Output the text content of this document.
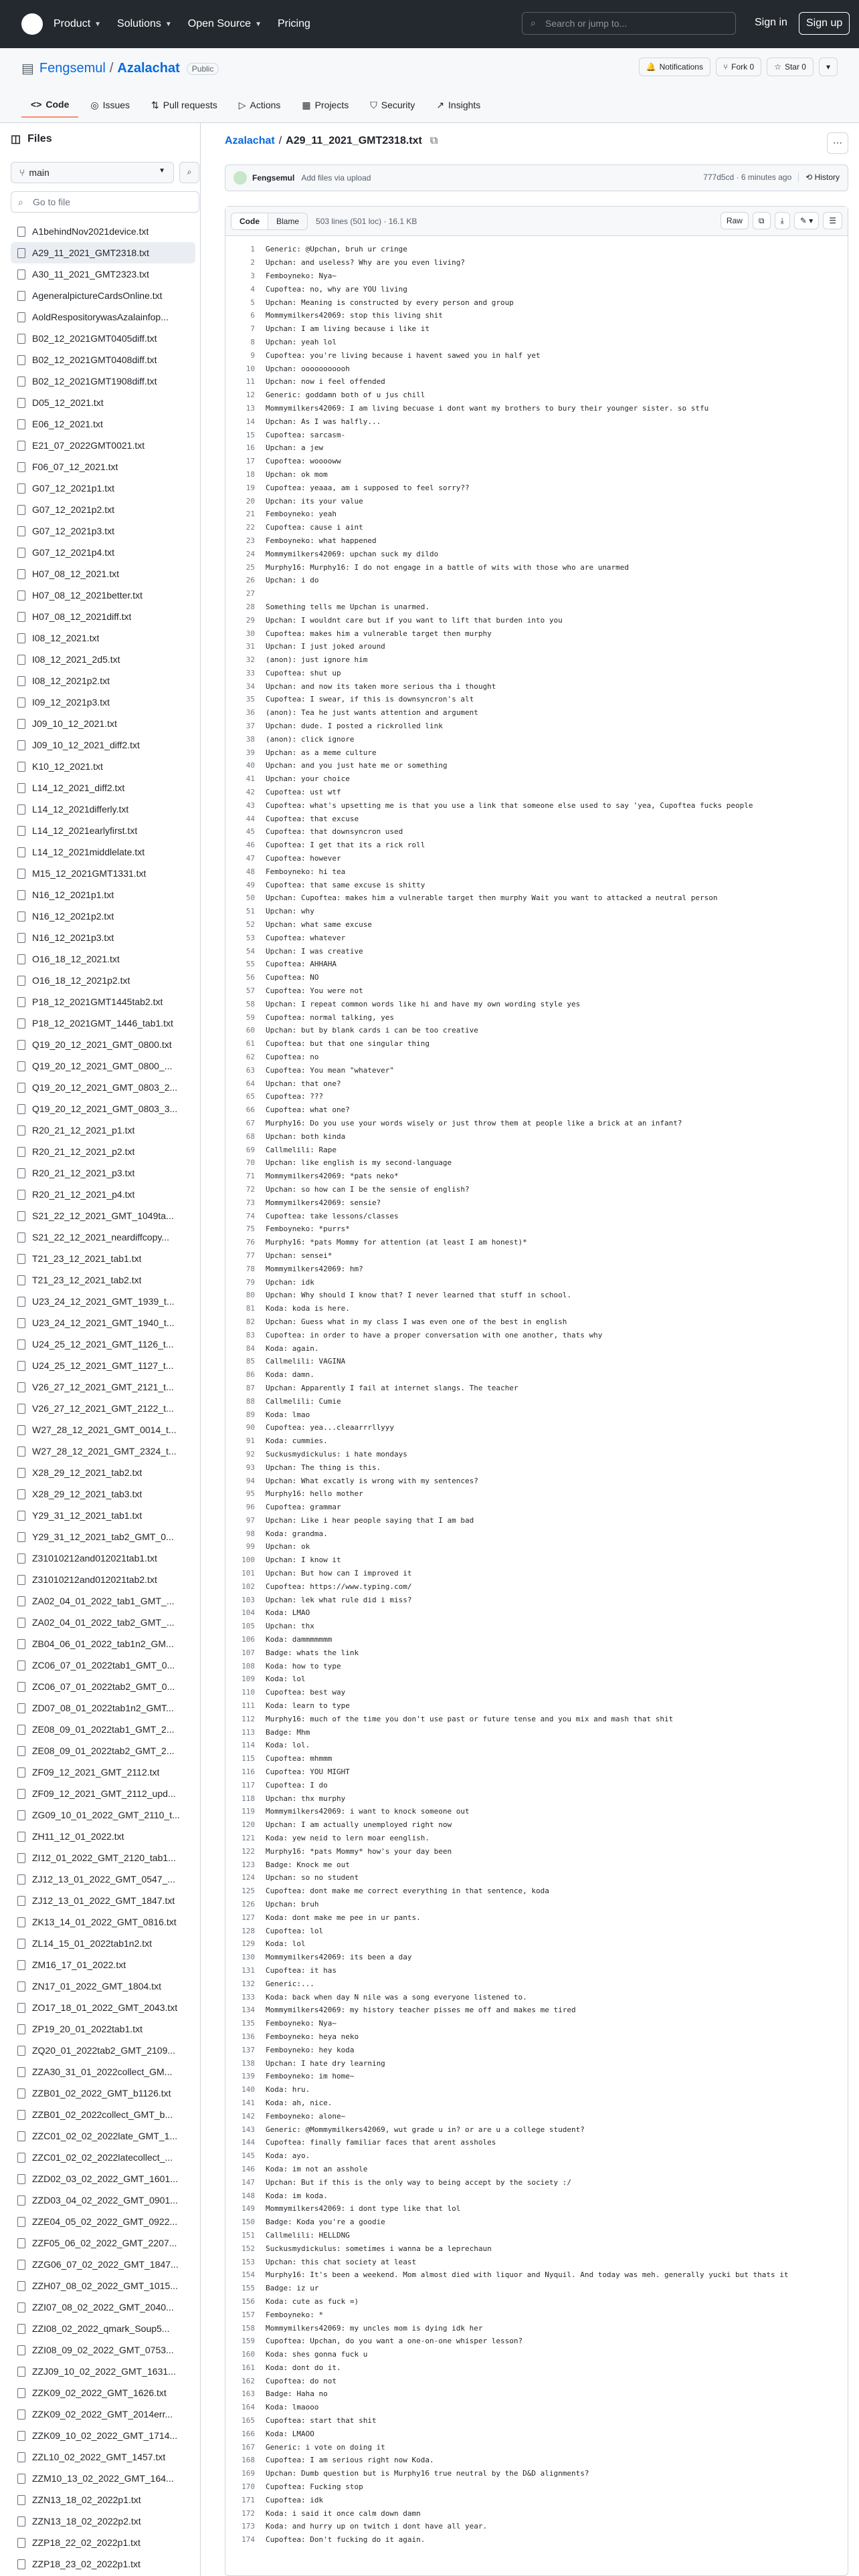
Product ▼ Solutions ▼ Open Source ▼ Pricing	⌕ Search or jump to...	Sign in	Sign up
▤ Fengsemul / Azalachat	Public	🔔 Notifications	⑂ Fork 0	☆ Star 0	▾
<> Code ◎ Issues ⇅ Pull requests ▷ Actions ▦ Projects ⛉ Security ↗ Insights
◫ Files
⑂ main	▼	⌕
⌕ Go to file
A1behindNov2021device.txt
A29_11_2021_GMT2318.txt
A30_11_2021_GMT2323.txt
AgeneralpictureCardsOnline.txt
AoldRespositorywasAzalainfop...
B02_12_2021GMT0405diff.txt
B02_12_2021GMT0408diff.txt
B02_12_2021GMT1908diff.txt
D05_12_2021.txt
E06_12_2021.txt
E21_07_2022GMT0021.txt
F06_07_12_2021.txt
G07_12_2021p1.txt
G07_12_2021p2.txt
G07_12_2021p3.txt
G07_12_2021p4.txt
H07_08_12_2021.txt
H07_08_12_2021better.txt
H07_08_12_2021diff.txt
I08_12_2021.txt
I08_12_2021_2d5.txt
I08_12_2021p2.txt
I09_12_2021p3.txt
J09_10_12_2021.txt
J09_10_12_2021_diff2.txt
K10_12_2021.txt
L14_12_2021_diff2.txt
L14_12_2021differly.txt
L14_12_2021earlyfirst.txt
L14_12_2021middlelate.txt
M15_12_2021GMT1331.txt
N16_12_2021p1.txt
N16_12_2021p2.txt
N16_12_2021p3.txt
O16_18_12_2021.txt
O16_18_12_2021p2.txt
P18_12_2021GMT1445tab2.txt
P18_12_2021GMT_1446_tab1.txt
Q19_20_12_2021_GMT_0800.txt
Q19_20_12_2021_GMT_0800_...
Q19_20_12_2021_GMT_0803_2...
Q19_20_12_2021_GMT_0803_3...
R20_21_12_2021_p1.txt
R20_21_12_2021_p2.txt
R20_21_12_2021_p3.txt
R20_21_12_2021_p4.txt
S21_22_12_2021_GMT_1049ta...
S21_22_12_2021_neardiffcopy...
T21_23_12_2021_tab1.txt
T21_23_12_2021_tab2.txt
U23_24_12_2021_GMT_1939_t...
U23_24_12_2021_GMT_1940_t...
U24_25_12_2021_GMT_1126_t...
U24_25_12_2021_GMT_1127_t...
V26_27_12_2021_GMT_2121_t...
V26_27_12_2021_GMT_2122_t...
W27_28_12_2021_GMT_0014_t...
W27_28_12_2021_GMT_2324_t...
X28_29_12_2021_tab2.txt
X28_29_12_2021_tab3.txt
Y29_31_12_2021_tab1.txt
Y29_31_12_2021_tab2_GMT_0...
Z31010212and012021tab1.txt
Z31010212and012021tab2.txt
ZA02_04_01_2022_tab1_GMT_...
ZA02_04_01_2022_tab2_GMT_...
ZB04_06_01_2022_tab1n2_GM...
ZC06_07_01_2022tab1_GMT_0...
ZC06_07_01_2022tab2_GMT_0...
ZD07_08_01_2022tab1n2_GMT...
ZE08_09_01_2022tab1_GMT_2...
ZE08_09_01_2022tab2_GMT_2...
ZF09_12_2021_GMT_2112.txt
ZF09_12_2021_GMT_2112_upd...
ZG09_10_01_2022_GMT_2110_t...
ZH11_12_01_2022.txt
ZI12_01_2022_GMT_2120_tab1...
ZJ12_13_01_2022_GMT_0547_...
ZJ12_13_01_2022_GMT_1847.txt
ZK13_14_01_2022_GMT_0816.txt
ZL14_15_01_2022tab1n2.txt
ZM16_17_01_2022.txt
ZN17_01_2022_GMT_1804.txt
ZO17_18_01_2022_GMT_2043.txt
ZP19_20_01_2022tab1.txt
ZQ20_01_2022tab2_GMT_2109...
ZZA30_31_01_2022collect_GM...
ZZB01_02_2022_GMT_b1126.txt
ZZB01_02_2022collect_GMT_b...
ZZC01_02_02_2022late_GMT_1...
ZZC01_02_02_2022latecollect_...
ZZD02_03_02_2022_GMT_1601...
ZZD03_04_02_2022_GMT_0901...
ZZE04_05_02_2022_GMT_0922...
ZZF05_06_02_2022_GMT_2207...
ZZG06_07_02_2022_GMT_1847...
ZZH07_08_02_2022_GMT_1015...
ZZI07_08_02_2022_GMT_2040...
ZZI08_02_2022_qmark_Soup5...
ZZI08_09_02_2022_GMT_0753...
ZZJ09_10_02_2022_GMT_1631...
ZZK09_02_2022_GMT_1626.txt
ZZK09_02_2022_GMT_2014err...
ZZK09_10_02_2022_GMT_1714...
ZZL10_02_2022_GMT_1457.txt
ZZM10_13_02_2022_GMT_164...
ZZN13_18_02_2022p1.txt
ZZN13_18_02_2022p2.txt
ZZP18_22_02_2022p1.txt
ZZP18_23_02_2022p1.txt
Azalachat / A29_11_2021_GMT2318.txt ⧉	⋯
Fengsemul Add files via upload	777d5cd · 6 minutes ago	⟲ History
Code	Blame	503 lines (501 loc) · 16.1 KB	Raw	⧉	⤓	✎ ▾	☰
1	Generic: @Upchan, bruh ur cringe
2	Upchan: and useless? Why are you even living?
3	Femboyneko: Nya~
4	Cupoftea: no, why are YOU living
5	Upchan: Meaning is constructed by every person and group
6	Mommymilkers42069: stop this living shit
7	Upchan: I am living because i like it
8	Upchan: yeah lol
9	Cupoftea: you're living because i havent sawed you in half yet
10	Upchan: ooooooooooh
11	Upchan: now i feel offended
12	Generic: goddamn both of u jus chill
13	Mommymilkers42069: I am living becuase i dont want my brothers to bury their younger sister. so stfu
14	Upchan: As I was halfly...
15	Cupoftea: sarcasm-
16	Upchan: a jew
17	Cupoftea: wooooww
18	Upchan: ok mom
19	Cupoftea: yeaaa, am i supposed to feel sorry??
20	Upchan: its your value
21	Femboyneko: yeah
22	Cupoftea: cause i aint
23	Femboyneko: what happened
24	Mommymilkers42069: upchan suck my dildo
25	Murphy16: Murphy16: I do not engage in a battle of wits with those who are unarmed
26	Upchan: i do
27
28	Something tells me Upchan is unarmed.
29	Upchan: I wouldnt care but if you want to lift that burden into you
30	Cupoftea: makes him a vulnerable target then murphy
31	Upchan: I just joked around
32	(anon): just ignore him
33	Cupoftea: shut up
34	Upchan: and now its taken more serious tha i thought
35	Cupoftea: I swear, if this is downsyncron's alt
36	(anon): Tea he just wants attention and argument
37	Upchan: dude. I posted a rickrolled link
38	(anon): click ignore
39	Upchan: as a meme culture
40	Upchan: and you just hate me or something
41	Upchan: your choice
42	Cupoftea: ust wtf
43	Cupoftea: what's upsetting me is that you use a link that someone else used to say 'yea, Cupoftea fucks people
44	Cupoftea: that excuse
45	Cupoftea: that downsyncron used
46	Cupoftea: I get that its a rick roll
47	Cupoftea: however
48	Femboyneko: hi tea
49	Cupoftea: that same excuse is shitty
50	Upchan: Cupoftea: makes him a vulnerable target then murphy Wait you want to attacked a neutral person
51	Upchan: why
52	Upchan: what same excuse
53	Cupoftea: whatever
54	Upchan: I was creative
55	Cupoftea: AHHAHA
56	Cupoftea: NO
57	Cupoftea: You were not
58	Upchan: I repeat common words like hi and have my own wording style yes
59	Cupoftea: normal talking, yes
60	Upchan: but by blank cards i can be too creative
61	Cupoftea: but that one singular thing
62	Cupoftea: no
63	Cupoftea: You mean "whatever"
64	Upchan: that one?
65	Cupoftea: ???
66	Cupoftea: what one?
67	Murphy16: Do you use your words wisely or just throw them at people like a brick at an infant?
68	Upchan: both kinda
69	Callmelili: Rape
70	Upchan: like english is my second-language
71	Mommymilkers42069: *pats neko*
72	Upchan: so how can I be the sensie of english?
73	Mommymilkers42069: sensie?
74	Cupoftea: take lessons/classes
75	Femboyneko: *purrs*
76	Murphy16: *pats Mommy for attention (at least I am honest)*
77	Upchan: sensei*
78	Mommymilkers42069: hm?
79	Upchan: idk
80	Upchan: Why should I know that? I never learned that stuff in school.
81	Koda: koda is here.
82	Upchan: Guess what in my class I was even one of the best in english
83	Cupoftea: in order to have a proper conversation with one another, thats why
84	Koda: again.
85	Callmelili: VAGINA
86	Koda: damn.
87	Upchan: Apparently I fail at internet slangs. The teacher
88	Callmelili: Cumie
89	Koda: lmao
90	Cupoftea: yea...cleaarrrllyyy
91	Koda: cummies.
92	Suckusmydickulus: i hate mondays
93	Upchan: The thing is this.
94	Upchan: What excatly is wrong with my sentences?
95	Murphy16: hello mother
96	Cupoftea: grammar
97	Upchan: Like i hear people saying that I am bad
98	Koda: grandma.
99	Upchan: ok
100	Upchan: I know it
101	Upchan: But how can I improved it
102	Cupoftea: https://www.typing.com/
103	Upchan: lek what rule did i miss?
104	Koda: LMAO
105	Upchan: thx
106	Koda: dammmmmmm
107	Badge: whats the link
108	Koda: how to type
109	Koda: lol
110	Cupoftea: best way
111	Koda: learn to type
112	Murphy16: much of the time you don't use past or future tense and you mix and mash that shit
113	Badge: Mhm
114	Koda: lol.
115	Cupoftea: mhmmm
116	Cupoftea: YOU MIGHT
117	Cupoftea: I do
118	Upchan: thx murphy
119	Mommymilkers42069: i want to knock someone out
120	Upchan: I am actually unemployed right now
121	Koda: yew neid to lern moar eenglish.
122	Murphy16: *pats Mommy* how's your day been
123	Badge: Knock me out
124	Upchan: so no student
125	Cupoftea: dont make me correct everything in that sentence, koda
126	Upchan: bruh
127	Koda: dont make me pee in ur pants.
128	Cupoftea: lol
129	Koda: lol
130	Mommymilkers42069: its been a day
131	Cupoftea: it has
132	Generic:...
133	Koda: back when day N nile was a song everyone listened to.
134	Mommymilkers42069: my history teacher pisses me off and makes me tired
135	Femboyneko: Nya~
136	Femboyneko: heya neko
137	Femboyneko: hey koda
138	Upchan: I hate dry learning
139	Femboyneko: im home~
140	Koda: hru.
141	Koda: ah, nice.
142	Femboyneko: alone~
143	Generic: @Mommymilkers42069, wut grade u in? or are u a college student?
144	Cupoftea: finally familiar faces that arent assholes
145	Koda: ayo.
146	Koda: im not an asshole
147	Upchan: But if this is the only way to being accept by the society :/
148	Koda: im koda.
149	Mommymilkers42069: i dont type like that lol
150	Badge: Koda you're a goodie
151	Callmelili: HELLDNG
152	Suckusmydickulus: sometimes i wanna be a leprechaun
153	Upchan: this chat society at least
154	Murphy16: It's been a weekend. Mom almost died with liquor and Nyquil. And today was meh. generally yucki but thats it
155	Badge: iz ur
156	Koda: cute as fuck =)
157	Femboyneko: *
158	Mommymilkers42069: my uncles mom is dying idk her
159	Cupoftea: Upchan, do you want a one-on-one whisper lesson?
160	Koda: shes gonna fuck u
161	Koda: dont do it.
162	Cupoftea: do not
163	Badge: Haha no
164	Koda: lmaooo
165	Cupoftea: start that shit
166	Koda: LMAOO
167	Generic: i vote on doing it
168	Cupoftea: I am serious right now Koda.
169	Upchan: Dumb question but is Murphy16 true neutral by the D&D alignments?
170	Cupoftea: Fucking stop
171	Cupoftea: idk
172	Koda: i said it once calm down damn
173	Koda: and hurry up on twitch i dont have all year.
174	Cupoftea: Don't fucking do it again.
